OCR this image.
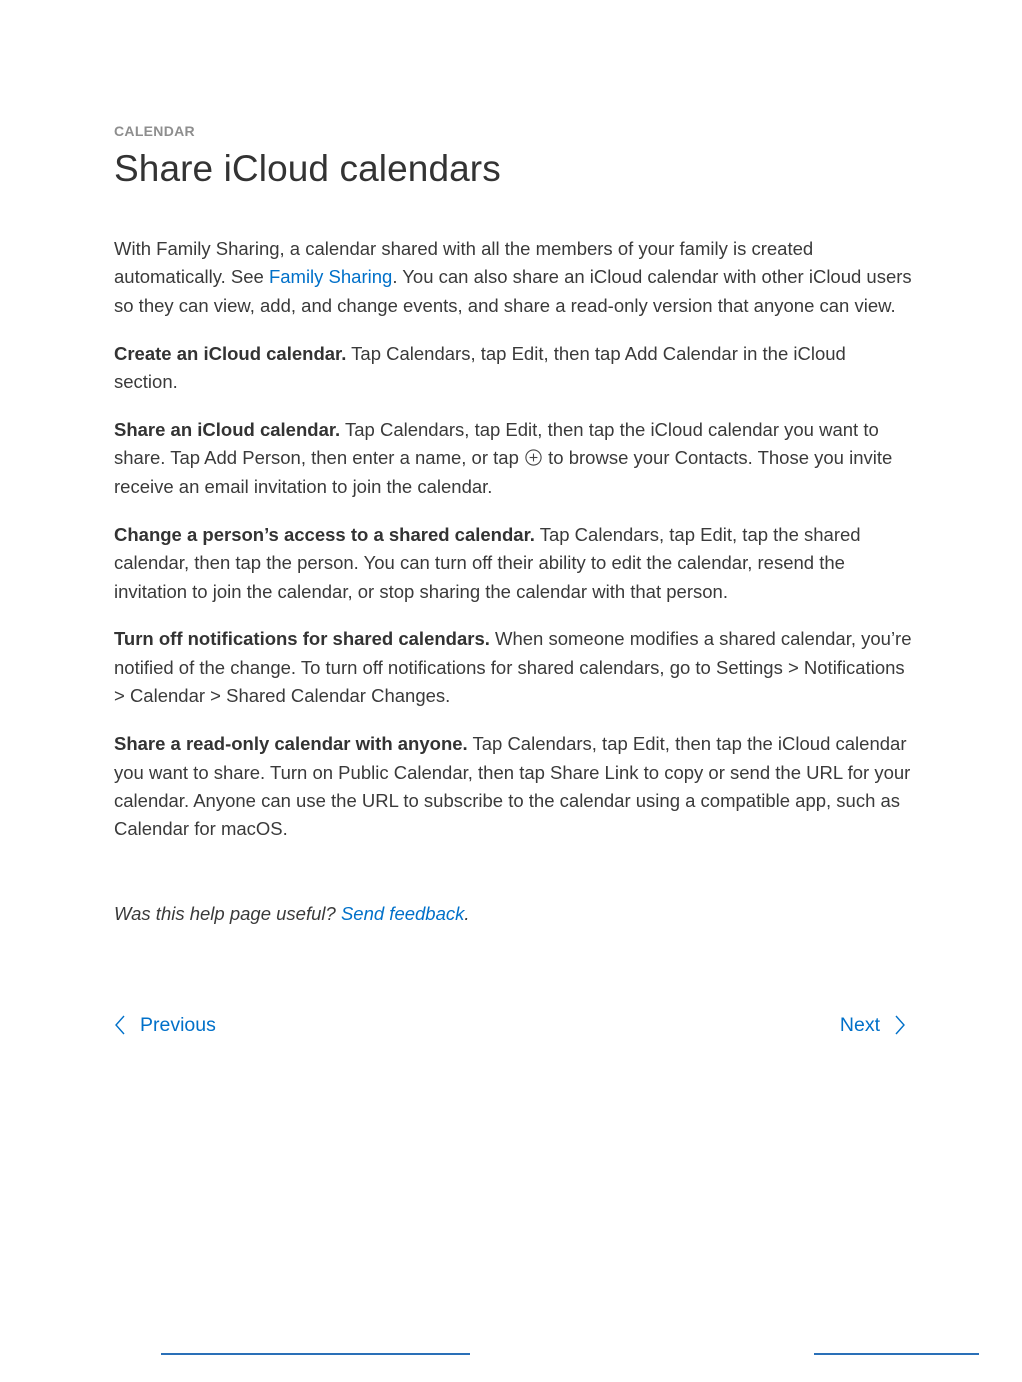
CALENDAR

Share iCloud calendars

With Family Sharing, a calendar shared with all the members of your family is created automatically. See Family Sharing. You can also share an iCloud calendar with other iCloud users so they can view, add, and change events, and share a read-only version that anyone can view.

Create an iCloud calendar. Tap Calendars, tap Edit, then tap Add Calendar in the iCloud section.

Share an iCloud calendar. Tap Calendars, tap Edit, then tap the iCloud calendar you want to share. Tap Add Person, then enter a name, or tap  to browse your Contacts. Those you invite receive an email invitation to join the calendar.

Change a person’s access to a shared calendar. Tap Calendars, tap Edit, tap the shared calendar, then tap the person. You can turn off their ability to edit the calendar, resend the invitation to join the calendar, or stop sharing the calendar with that person.

Turn off notifications for shared calendars. When someone modifies a shared calendar, you’re notified of the change. To turn off notifications for shared calendars, go to Settings > Notifications > Calendar > Shared Calendar Changes.

Share a read-only calendar with anyone. Tap Calendars, tap Edit, then tap the iCloud calendar you want to share. Turn on Public Calendar, then tap Share Link to copy or send the URL for your calendar. Anyone can use the URL to subscribe to the calendar using a compatible app, such as Calendar for macOS.

Was this help page useful? Send feedback.
Previous	Next
